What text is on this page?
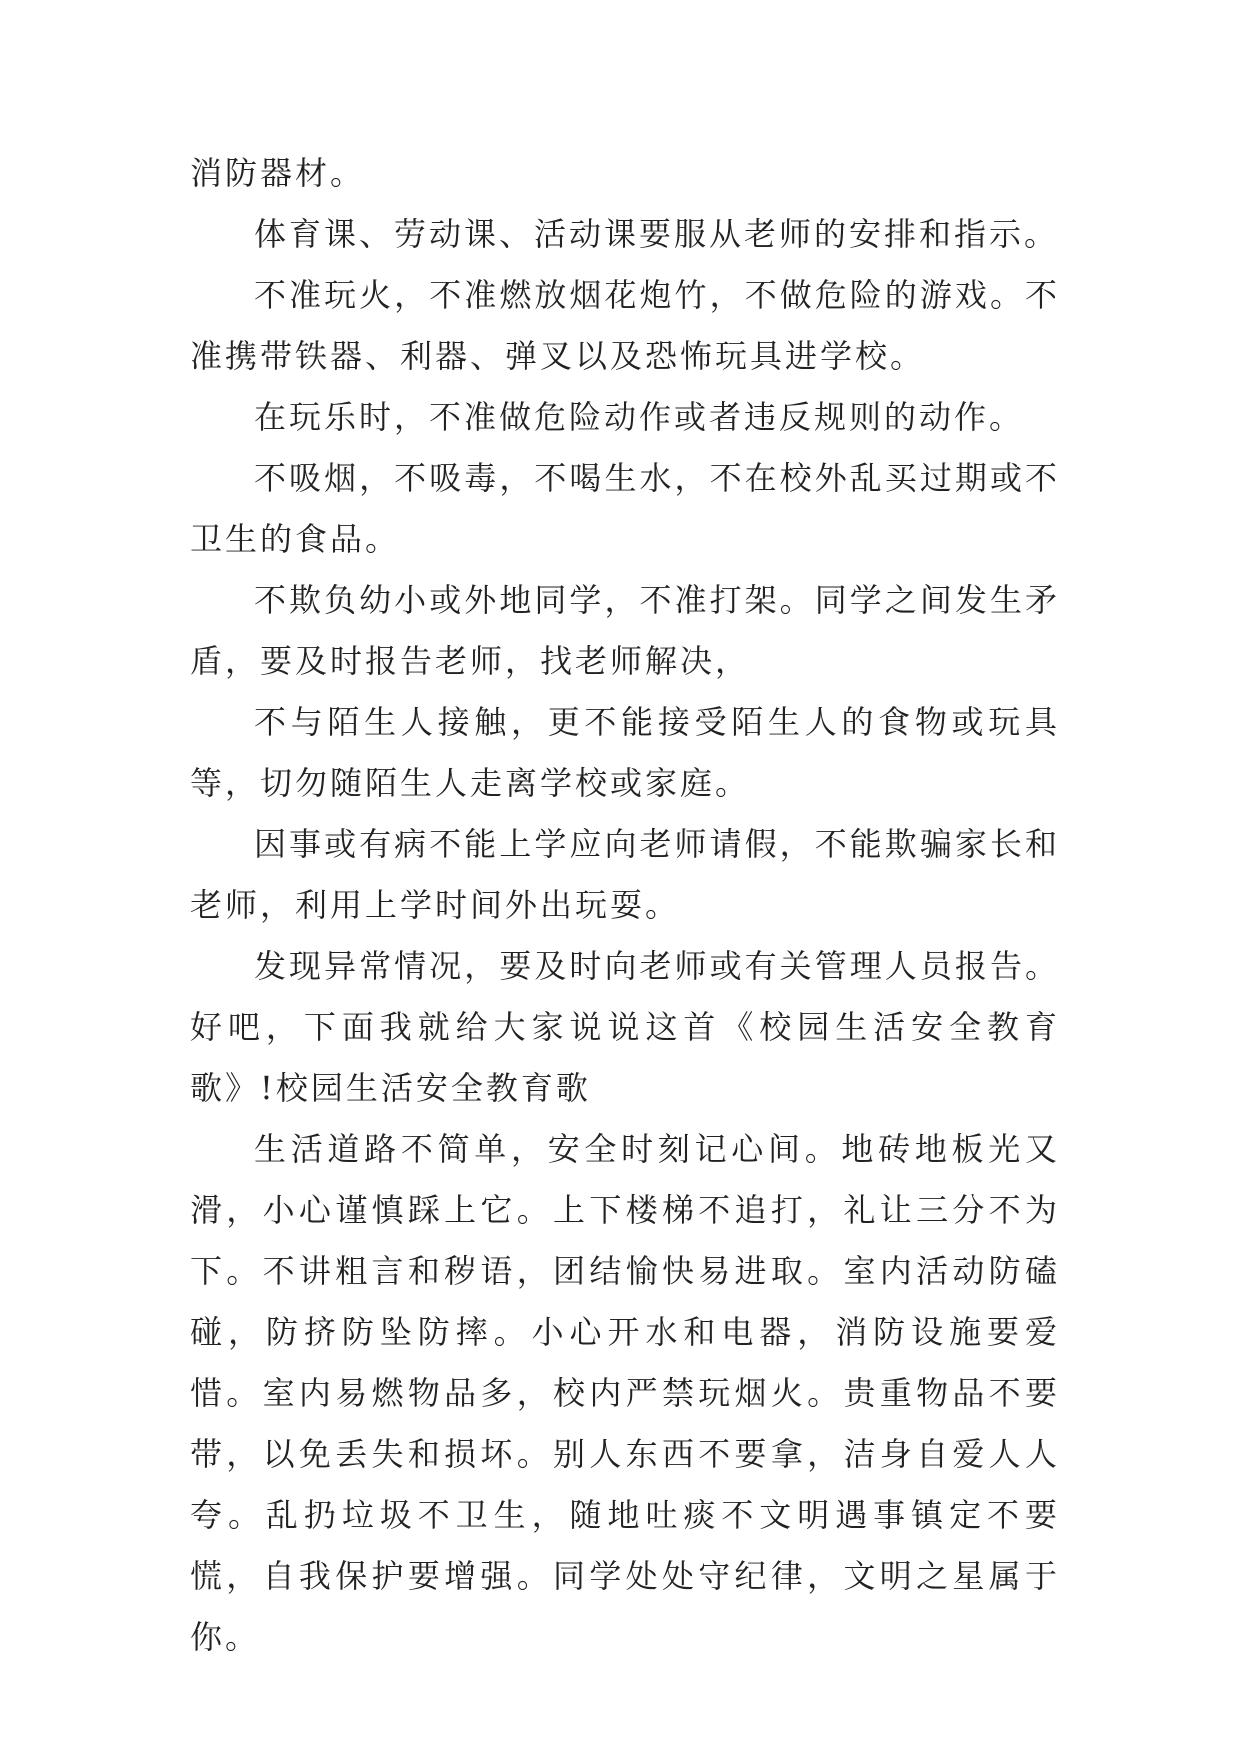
消防器材。

体育课、劳动课、活动课要服从老师的安排和指示。

不准玩火，不准燃放烟花炮竹，不做危险的游戏。不准携带铁器、利器、弹叉以及恐怖玩具进学校。

在玩乐时，不准做危险动作或者违反规则的动作。

不吸烟，不吸毒，不喝生水，不在校外乱买过期或不卫生的食品。

不欺负幼小或外地同学，不准打架。同学之间发生矛盾，要及时报告老师，找老师解决，

不与陌生人接触，更不能接受陌生人的食物或玩具等，切勿随陌生人走离学校或家庭。

因事或有病不能上学应向老师请假，不能欺骗家长和老师，利用上学时间外出玩耍。

发现异常情况，要及时向老师或有关管理人员报告。好吧，下面我就给大家说说这首《校园生活安全教育歌》!校园生活安全教育歌

生活道路不简单，安全时刻记心间。地砖地板光又滑，小心谨慎踩上它。上下楼梯不追打，礼让三分不为下。不讲粗言和秽语，团结愉快易进取。室内活动防磕碰，防挤防坠防摔。小心开水和电器，消防设施要爱惜。室内易燃物品多，校内严禁玩烟火。贵重物品不要带，以免丢失和损坏。别人东西不要拿，洁身自爱人人夸。乱扔垃圾不卫生，随地吐痰不文明遇事镇定不要慌，自我保护要增强。同学处处守纪律，文明之星属于你。
